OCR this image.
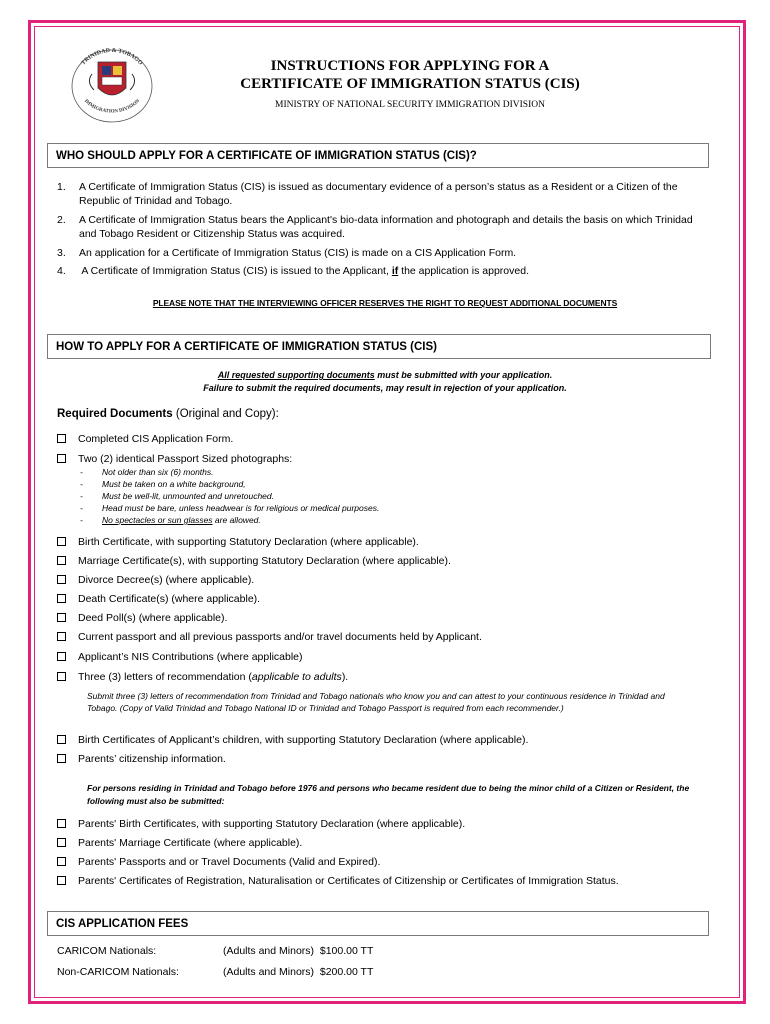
TRINIDAD & TOBAGO
IMMIGRATION DIVISION
INSTRUCTIONS FOR APPLYING FOR A
CERTIFICATE OF IMMIGRATION STATUS (CIS)
MINISTRY OF NATIONAL SECURITY IMMIGRATION DIVISION
WHO SHOULD APPLY FOR A CERTIFICATE OF IMMIGRATION STATUS (CIS)?
1.	A Certificate of Immigration Status (CIS) is issued as documentary evidence of a person’s status as a Resident or a Citizen of the Republic of Trinidad and Tobago.
2.	A Certificate of Immigration Status bears the Applicant's bio-data information and photograph and details the basis on which Trinidad and Tobago Resident or Citizenship Status was acquired.
3.	An application for a Certificate of Immigration Status (CIS) is made on a CIS Application Form.
4.	A Certificate of Immigration Status (CIS) is issued to the Applicant, if the application is approved.
PLEASE NOTE THAT THE INTERVIEWING OFFICER RESERVES THE RIGHT TO REQUEST ADDITIONAL DOCUMENTS
HOW TO APPLY FOR A CERTIFICATE OF IMMIGRATION STATUS (CIS)
All requested supporting documents must be submitted with your application.
Failure to submit the required documents, may result in rejection of your application.
Required Documents (Original and Copy):
Completed CIS Application Form.
Two (2) identical Passport Sized photographs:
-	Not older than six (6) months.
-	Must be taken on a white background,
-	Must be well-lit, unmounted and unretouched.
-	Head must be bare, unless headwear is for religious or medical purposes.
-	No spectacles or sun glasses are allowed.
Birth Certificate, with supporting Statutory Declaration (where applicable).
Marriage Certificate(s), with supporting Statutory Declaration (where applicable).
Divorce Decree(s) (where applicable).
Death Certificate(s) (where applicable).
Deed Poll(s) (where applicable).
Current passport and all previous passports and/or travel documents held by Applicant.
Applicant’s NIS Contributions (where applicable)
Three (3) letters of recommendation (applicable to adults).
Submit three (3) letters of recommendation from Trinidad and Tobago nationals who know you and can attest to your continuous residence in Trinidad and Tobago. (Copy of Valid Trinidad and Tobago National ID or Trinidad and Tobago Passport is required from each recommender.)
Birth Certificates of Applicant’s children, with supporting Statutory Declaration (where applicable).
Parents’ citizenship information.
For persons residing in Trinidad and Tobago before 1976 and persons who became resident due to being the minor child of a Citizen or Resident, the following must also be submitted:
Parents' Birth Certificates, with supporting Statutory Declaration (where applicable).
Parents' Marriage Certificate (where applicable).
Parents' Passports and or Travel Documents (Valid and Expired).
Parents' Certificates of Registration, Naturalisation or Certificates of Citizenship or Certificates of Immigration Status.
CIS APPLICATION FEES
CARICOM Nationals:	(Adults and Minors)  $100.00 TT
Non-CARICOM Nationals:	(Adults and Minors)  $200.00 TT
